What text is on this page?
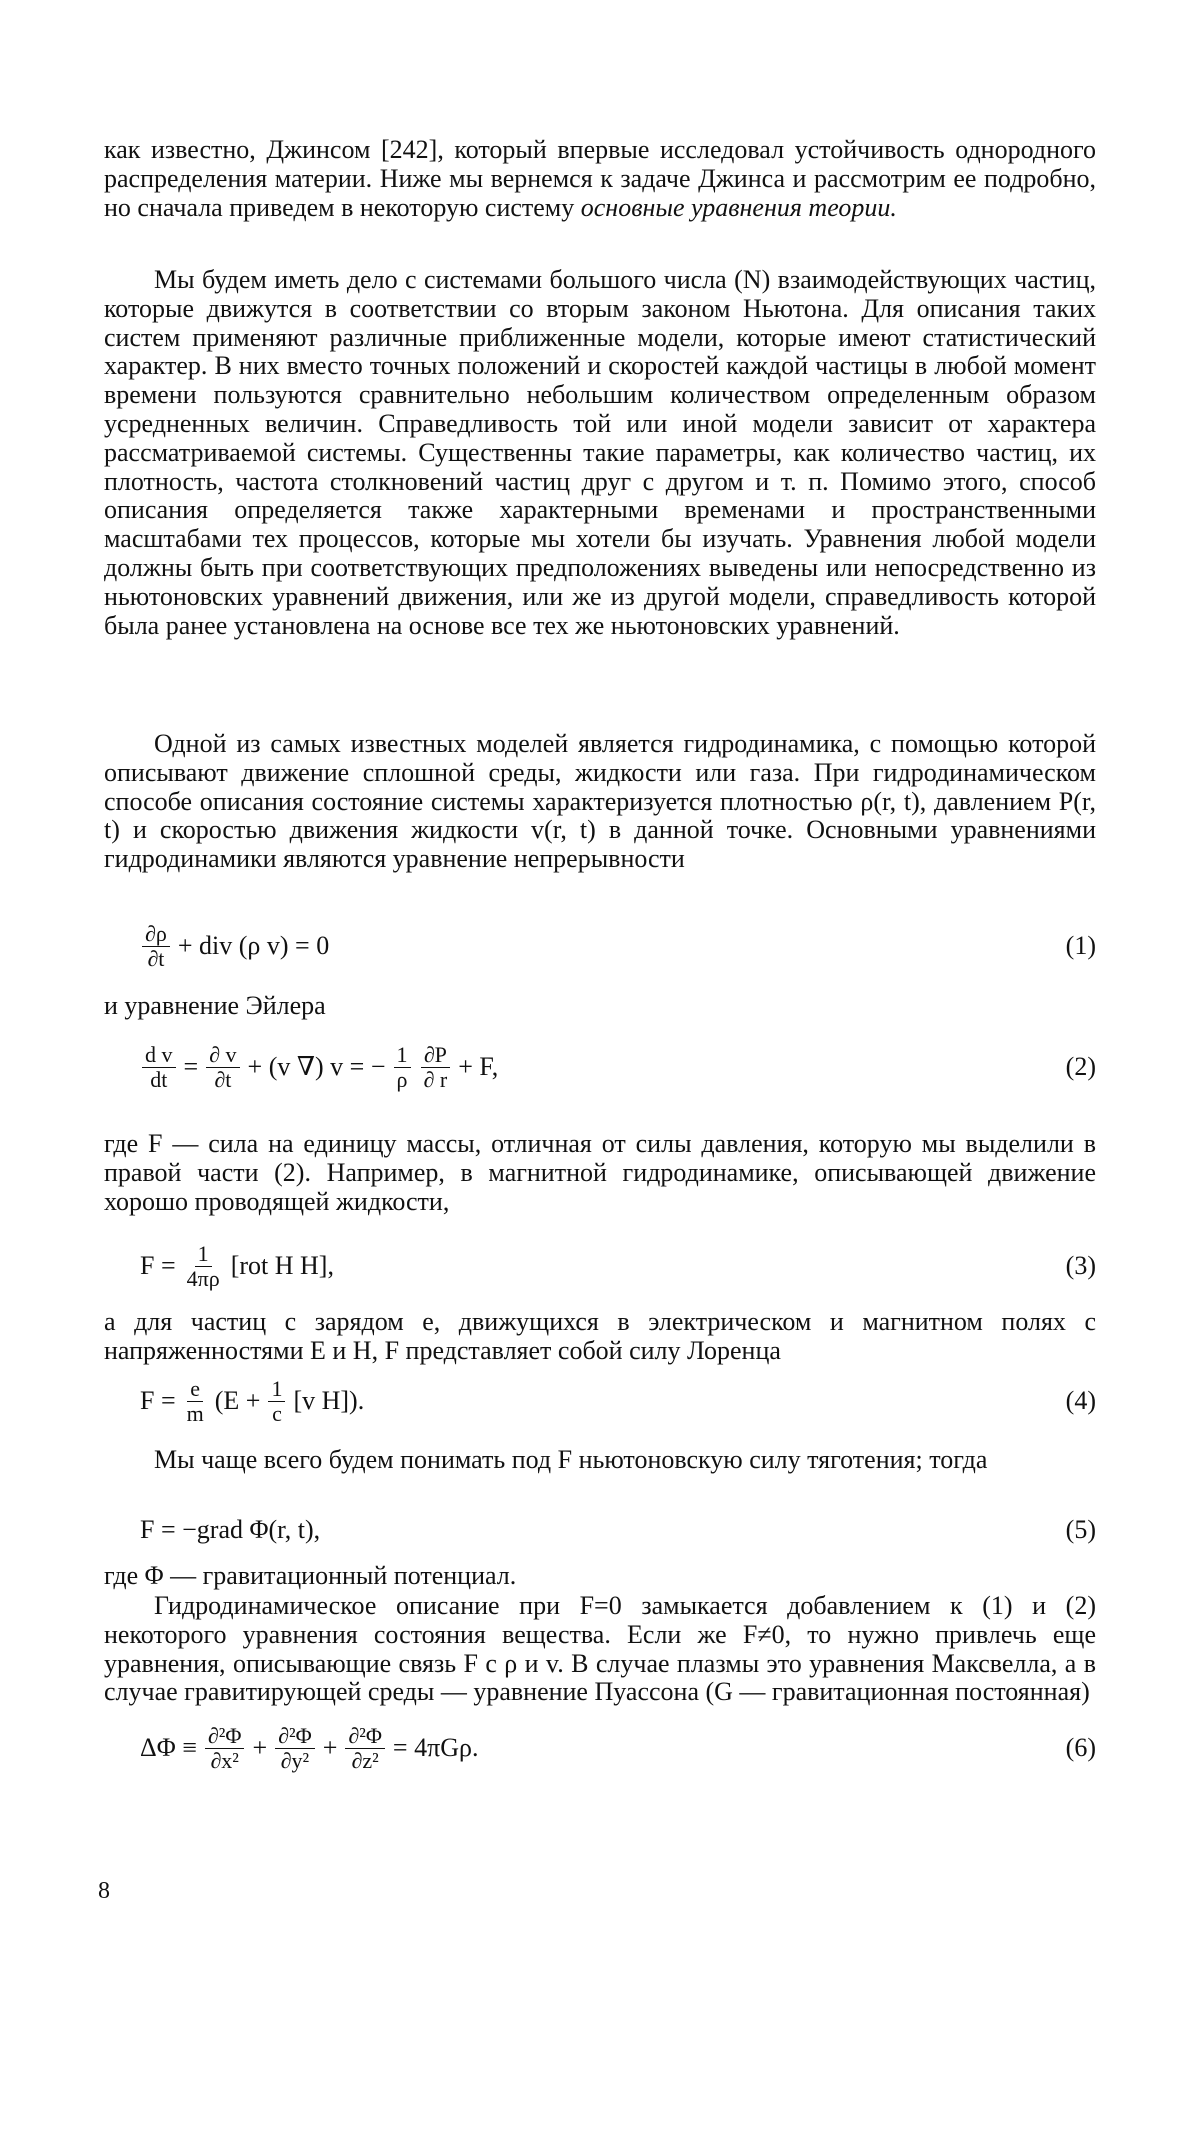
как известно, Джинсом [242], который впервые исследовал устойчивость однородного распределения материи. Ниже мы вернемся к задаче Джинса и рассмотрим ее подробно, но сначала приведем в некоторую систему основные уравнения теории.
Мы будем иметь дело с системами большого числа (N) взаимодействующих частиц, которые движутся в соответствии со вторым законом Ньютона. Для описания таких систем применяют различные приближенные модели, которые имеют статистический характер. В них вместо точных положений и скоростей каждой частицы в любой момент времени пользуются сравнительно небольшим количеством определенным образом усредненных величин. Справедливость той или иной модели зависит от характера рассматриваемой системы. Существенны такие параметры, как количество частиц, их плотность, частота столкновений частиц друг с другом и т. п. Помимо этого, способ описания определяется также характерными временами и пространственными масштабами тех процессов, которые мы хотели бы изучать. Уравнения любой модели должны быть при соответствующих предположениях выведены или непосредственно из ньютоновских уравнений движения, или же из другой модели, справедливость которой была ранее установлена на основе все тех же ньютоновских уравнений.
Одной из самых известных моделей является гидродинамика, с помощью которой описывают движение сплошной среды, жидкости или газа. При гидродинамическом способе описания состояние системы характеризуется плотностью ρ(r, t), давлением P(r, t) и скоростью движения жидкости v(r, t) в данной точке. Основными уравнениями гидродинамики являются уравнение непрерывности
∂ρ
∂t + div (ρ v) = 0	(1)
и уравнение Эйлера
d v
dt = ∂ v
∂t + (v ∇) v = − 1
ρ
∂P
∂ r + F,	(2)
где F — сила на единицу массы, отличная от силы давления, которую мы выделили в правой части (2). Например, в магнитной гидродинамике, описывающей движение хорошо проводящей жидкости,
F = 1
4πρ [rot H H],	(3)
а для частиц с зарядом e, движущихся в электрическом и магнитном полях с напряженностями E и H, F представляет собой силу Лоренца
F = e
m (E + 1
c [v H]).	(4)
Мы чаще всего будем понимать под F ньютоновскую силу тяготения; тогда
F = −grad Φ(r, t),	(5)
где Φ — гравитационный потенциал.
Гидродинамическое описание при F=0 замыкается добавлением к (1) и (2) некоторого уравнения состояния вещества. Если же F≠0, то нужно привлечь еще уравнения, описывающие связь F с ρ и v. В случае плазмы это уравнения Максвелла, а в случае гравитирующей среды — уравнение Пуассона (G — гравитационная постоянная)
ΔΦ ≡ ∂²Φ
∂x² + ∂²Φ
∂y² + ∂²Φ
∂z² = 4πGρ.	(6)
8
